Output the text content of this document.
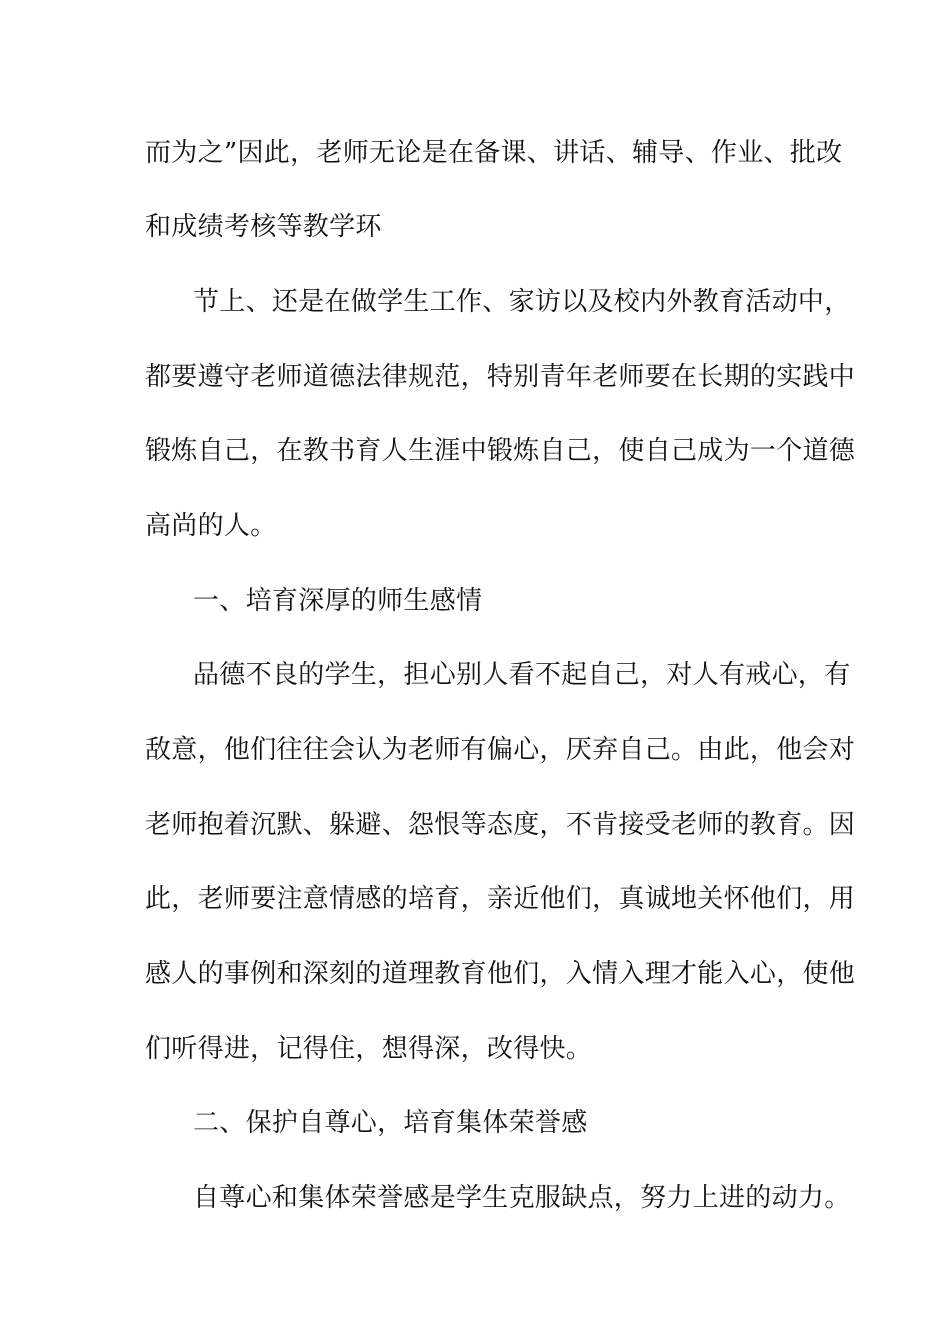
而为之”因此，老师无论是在备课、讲话、辅导、作业、批改
和成绩考核等教学环
节上、还是在做学生工作、家访以及校内外教育活动中，
都要遵守老师道德法律规范，特别青年老师要在长期的实践中
锻炼自己，在教书育人生涯中锻炼自己，使自己成为一个道德
高尚的人。
一、培育深厚的师生感情
品德不良的学生，担心别人看不起自己，对人有戒心，有
敌意，他们往往会认为老师有偏心，厌弃自己。由此，他会对
老师抱着沉默、躲避、怨恨等态度，不肯接受老师的教育。因
此，老师要注意情感的培育，亲近他们，真诚地关怀他们，用
感人的事例和深刻的道理教育他们，入情入理才能入心，使他
们听得进，记得住，想得深，改得快。
二、保护自尊心，培育集体荣誉感
自尊心和集体荣誉感是学生克服缺点，努力上进的动力。
